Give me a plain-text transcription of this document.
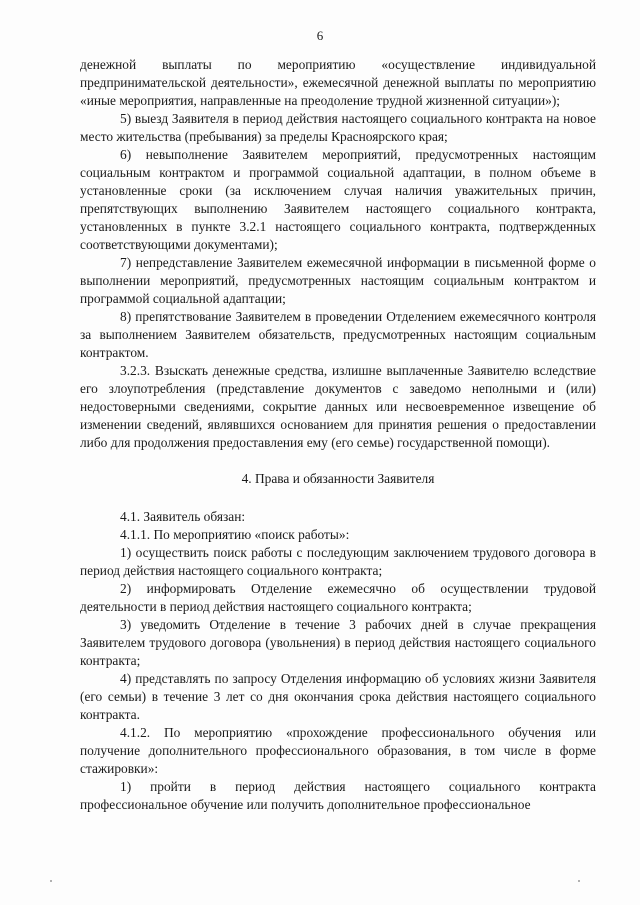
6

денежной выплаты по мероприятию «осуществление индивидуальной предпринимательской деятельности», ежемесячной денежной выплаты по мероприятию «иные мероприятия, направленные на преодоление трудной жизненной ситуации»);

5) выезд Заявителя в период действия настоящего социального контракта на новое место жительства (пребывания) за пределы Красноярского края;

6) невыполнение Заявителем мероприятий, предусмотренных настоящим социальным контрактом и программой социальной адаптации, в полном объеме в установленные сроки (за исключением случая наличия уважительных причин, препятствующих выполнению Заявителем настоящего социального контракта, установленных в пункте 3.2.1 настоящего социального контракта, подтвержденных соответствующими документами);

7) непредставление Заявителем ежемесячной информации в письменной форме о выполнении мероприятий, предусмотренных настоящим социальным контрактом и программой социальной адаптации;

8) препятствование Заявителем в проведении Отделением ежемесячного контроля за выполнением Заявителем обязательств, предусмотренных настоящим социальным контрактом.

3.2.3. Взыскать денежные средства, излишне выплаченные Заявителю вследствие его злоупотребления (представление документов с заведомо неполными и (или) недостоверными сведениями, сокрытие данных или несвоевременное извещение об изменении сведений, являвшихся основанием для принятия решения о предоставлении либо для продолжения предоставления ему (его семье) государственной помощи).

4. Права и обязанности Заявителя

4.1. Заявитель обязан:

4.1.1. По мероприятию «поиск работы»:

1) осуществить поиск работы с последующим заключением трудового договора в период действия настоящего социального контракта;

2) информировать Отделение ежемесячно об осуществлении трудовой деятельности в период действия настоящего социального контракта;

3) уведомить Отделение в течение 3 рабочих дней в случае прекращения Заявителем трудового договора (увольнения) в период действия настоящего социального контракта;

4) представлять по запросу Отделения информацию об условиях жизни Заявителя (его семьи) в течение 3 лет со дня окончания срока действия настоящего социального контракта.

4.1.2. По мероприятию «прохождение профессионального обучения или получение дополнительного профессионального образования, в том числе в форме стажировки»:

1) пройти в период действия настоящего социального контракта профессиональное обучение или получить дополнительное профессиональное
